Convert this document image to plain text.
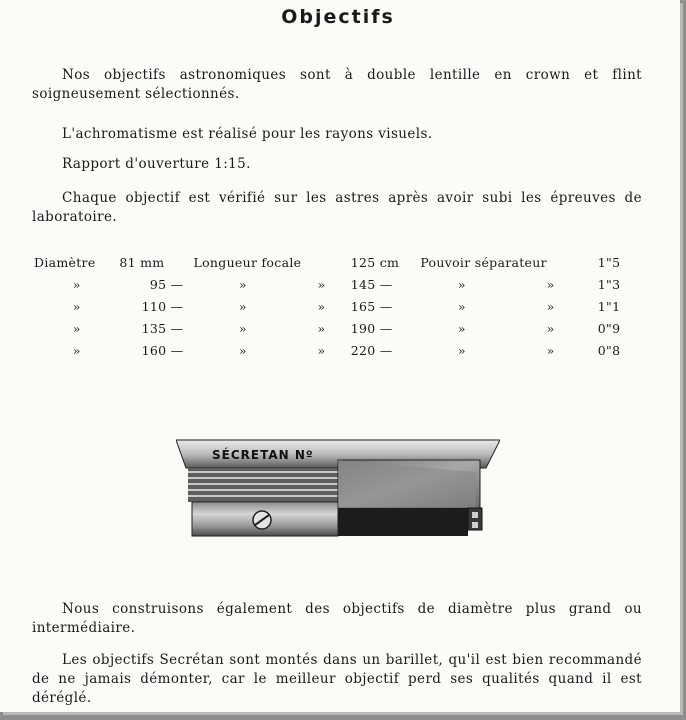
Objectifs

Nos objectifs astronomiques sont à double lentille en crown et flint soigneusement sélectionnés.

L'achromatisme est réalisé pour les rayons visuels.

Rapport d'ouverture 1:15.

Chaque objectif est vérifié sur les astres après avoir subi les épreuves de laboratoire.

Diamètre	81 mm	Longueur focale		125 cm	Pouvoir séparateur		1"5
»	95 —	»	»	145 —	»	»	1"3
»	110 —	»	»	165 —	»	»	1"1
»	135 —	»	»	190 —	»	»	0"9
»	160 —	»	»	220 —	»	»	0"8
SÉCRETAN Nº

Nous construisons également des objectifs de diamètre plus grand ou intermédiaire.

Les objectifs Secrétan sont montés dans un barillet, qu'il est bien recommandé de ne jamais démonter, car le meilleur objectif perd ses qualités quand il est déréglé.
